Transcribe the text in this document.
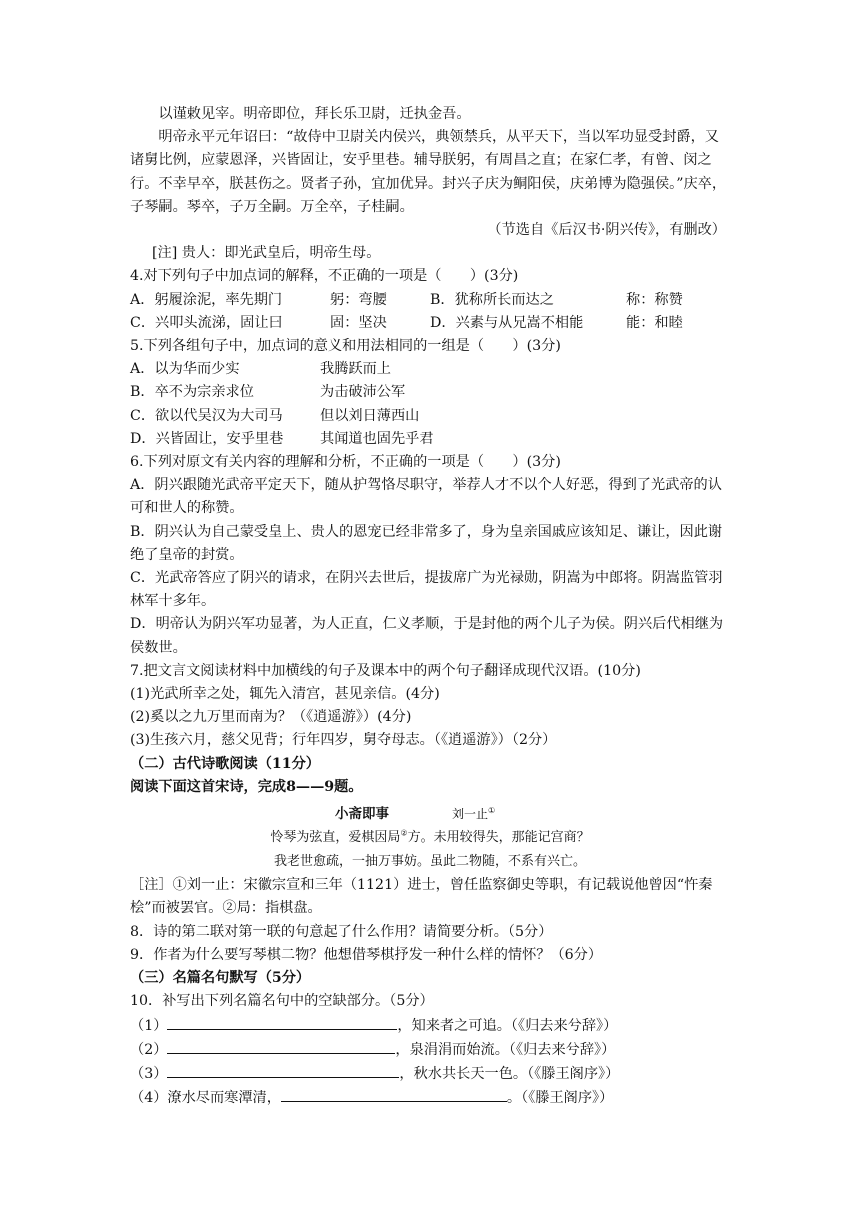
以谨敕见宰。明帝即位，拜长乐卫尉，迁执金吾。

明帝永平元年诏曰：“故侍中卫尉关内侯兴，典领禁兵，从平天下，当以军功显受封爵，又诸舅比例，应蒙恩泽，兴皆固让，安乎里巷。辅导朕躬，有周昌之直；在家仁孝，有曾、闵之行。不幸早卒，朕甚伤之。贤者子孙，宜加优异。封兴子庆为鲖阳侯，庆弟博为隐强侯。”庆卒，子琴嗣。琴卒，子万全嗣。万全卒，子桂嗣。

（节选自《后汉书·阴兴传》，有删改）

[注] 贵人：即光武皇后，明帝生母。

4.对下列句子中加点词的解释，不正确的一项是（　　）(3分)

A．躬履涂泥，率先期门	躬：弯腰	B．犹称所长而达之	称：称赞
C．兴叩头流涕，固让曰	固：坚决	D．兴素与从兄嵩不相能	能：和睦

5.下列各组句子中，加点词的意义和用法相同的一组是（　　）(3分)

A．以为华而少实	我腾跃而上
B．卒不为宗亲求位	为击破沛公军
C．欲以代吴汉为大司马	但以刘日薄西山
D．兴皆固让，安乎里巷	其闻道也固先乎君

6.下列对原文有关内容的理解和分析，不正确的一项是（　　）(3分)

A．阴兴跟随光武帝平定天下，随从护驾恪尽职守，举荐人才不以个人好恶，得到了光武帝的认可和世人的称赞。

B．阴兴认为自己蒙受皇上、贵人的恩宠已经非常多了，身为皇亲国戚应该知足、谦让，因此谢绝了皇帝的封赏。

C．光武帝答应了阴兴的请求，在阴兴去世后，提拔席广为光禄勋，阴嵩为中郎将。阴嵩监管羽林军十多年。

D．明帝认为阴兴军功显著，为人正直，仁义孝顺，于是封他的两个儿子为侯。阴兴后代相继为侯数世。

7.把文言文阅读材料中加横线的句子及课本中的两个句子翻译成现代汉语。(10分)

(1)光武所幸之处，辄先入清宫，甚见亲信。(4分)

(2)奚以之九万里而南为？（《逍遥游》）(4分)

(3)生孩六月，慈父见背；行年四岁，舅夺母志。（《逍遥游》）（2分）

（二）古代诗歌阅读（11分）

阅读下面这首宋诗，完成8——9题。

小斋即事	刘一止①

怜琴为弦直，爱棋因局②方。未用较得失，那能记宫商？

我老世愈疏，一抽万事妨。虽此二物随，不系有兴亡。

［注］①刘一止：宋徽宗宣和三年（1121）进士，曾任监察御史等职，有记载说他曾因“忤秦桧”而被罢官。②局：指棋盘。

8．诗的第二联对第一联的句意起了什么作用？请简要分析。（5分）

9．作者为什么要写琴棋二物？他想借琴棋抒发一种什么样的情怀？（6分）

（三）名篇名句默写（5分）

10．补写出下列名篇名句中的空缺部分。（5分）

（1）	，知来者之可追。（《归去来兮辞》）

（2）	，泉涓涓而始流。（《归去来兮辞》）

（3）	，秋水共长天一色。（《滕王阁序》）

（4）潦水尽而寒潭清，	。（《滕王阁序》）
